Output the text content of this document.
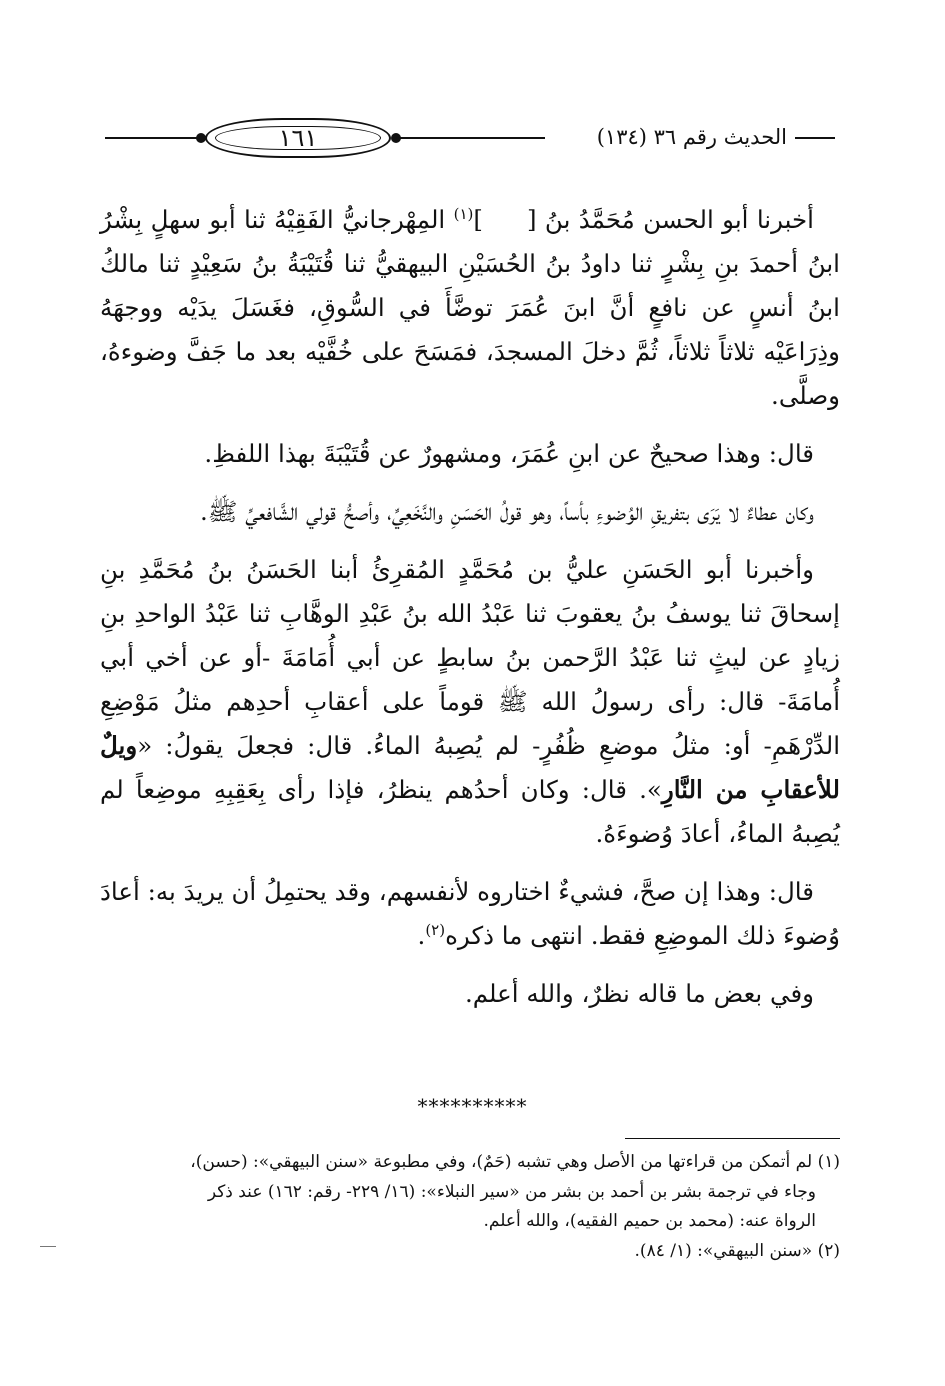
١٦١	الحديث رقم ٣٦ (١٣٤)

أخبرنا أبو الحسن مُحَمَّدُ بنُ []$^{(١)}$ المِهْرجانيُّ الفَقِيْهُ ثنا أبو سهلٍ بِشْرُ ابنُ أحمدَ بنِ بِشْرٍ ثنا داودُ بنُ الحُسَيْنِ البيهقيُّ ثنا قُتَيْبَةُ بنُ سَعِيْدٍ ثنا مالكُ ابنُ أنسٍ عن نافعٍ أنَّ ابنَ عُمَرَ توضَّأَ في السُّوقِ، فغَسَلَ يدَيْه ووجهَهُ وذِرَاعَيْه ثلاثاً ثلاثاً، ثُمَّ دخلَ المسجدَ، فمَسَحَ على خُفَّيْه بعد ما جَفَّ وضوءهُ، وصلَّى.

قال: وهذا صحيحٌ عن ابنِ عُمَرَ، ومشهورٌ عن قُتَيْبَةَ بهذا اللفظِ.

وكان عطاءٌ لا يَرَى بتفريقِ الوُضوءِ بأساً، وهو قولُ الحَسَنِ والنَّخَعِيِّ، وأصحُّ قولي الشَّافعيِّ ﷺ.

وأخبرنا أبو الحَسَنِ عليُّ بن مُحَمَّدٍ المُقرِئُ أبنا الحَسَنُ بنُ مُحَمَّدِ بنِ إسحاقَ ثنا يوسفُ بنُ يعقوبَ ثنا عَبْدُ الله بنُ عَبْدِ الوهَّابِ ثنا عَبْدُ الواحدِ بنِ زيادٍ عن ليثٍ ثنا عَبْدُ الرَّحمن بنُ سابطٍ عن أبي أُمَامَةَ -أو عن أخي أبي أُمامَةَ- قال: رأى رسولُ الله ﷺ قوماً على أعقابِ أحدِهم مثلُ مَوْضِعِ الدِّرْهَمِ- أو: مثلُ موضعِ ظُفُرٍ- لم يُصِبهُ الماءُ. قال: فجعلَ يقولُ: «ويلٌ للأعقابِ من النَّارِ». قال: وكان أحدُهم ينظرُ، فإذا رأى بِعَقِبِهِ موضِعاً لم يُصِبهُ الماءُ، أعادَ وُضوءَهُ.

قال: وهذا إن صحَّ، فشيءٌ اختاروه لأنفسهم، وقد يحتمِلُ أن يريدَ به: أعادَ وُضوءَ ذلك الموضِعِ فقط. انتهى ما ذكره$^{(٢)}$.

وفي بعض ما قاله نظرٌ، والله أعلم.

**********

(١) لم أتمكن من قراءتها من الأصل وهي تشبه (حَمٌ)، وفي مطبوعة «سنن البيهقي»: (حسن)،

وجاء في ترجمة بشر بن أحمد بن بشر من «سير النبلاء»: (١٦/ ٢٢٩- رقم: ١٦٢) عند ذكر

الرواة عنه: (محمد بن حميم الفقيه)، والله أعلم.

(٢) «سنن البيهقي»: (١/ ٨٤).
